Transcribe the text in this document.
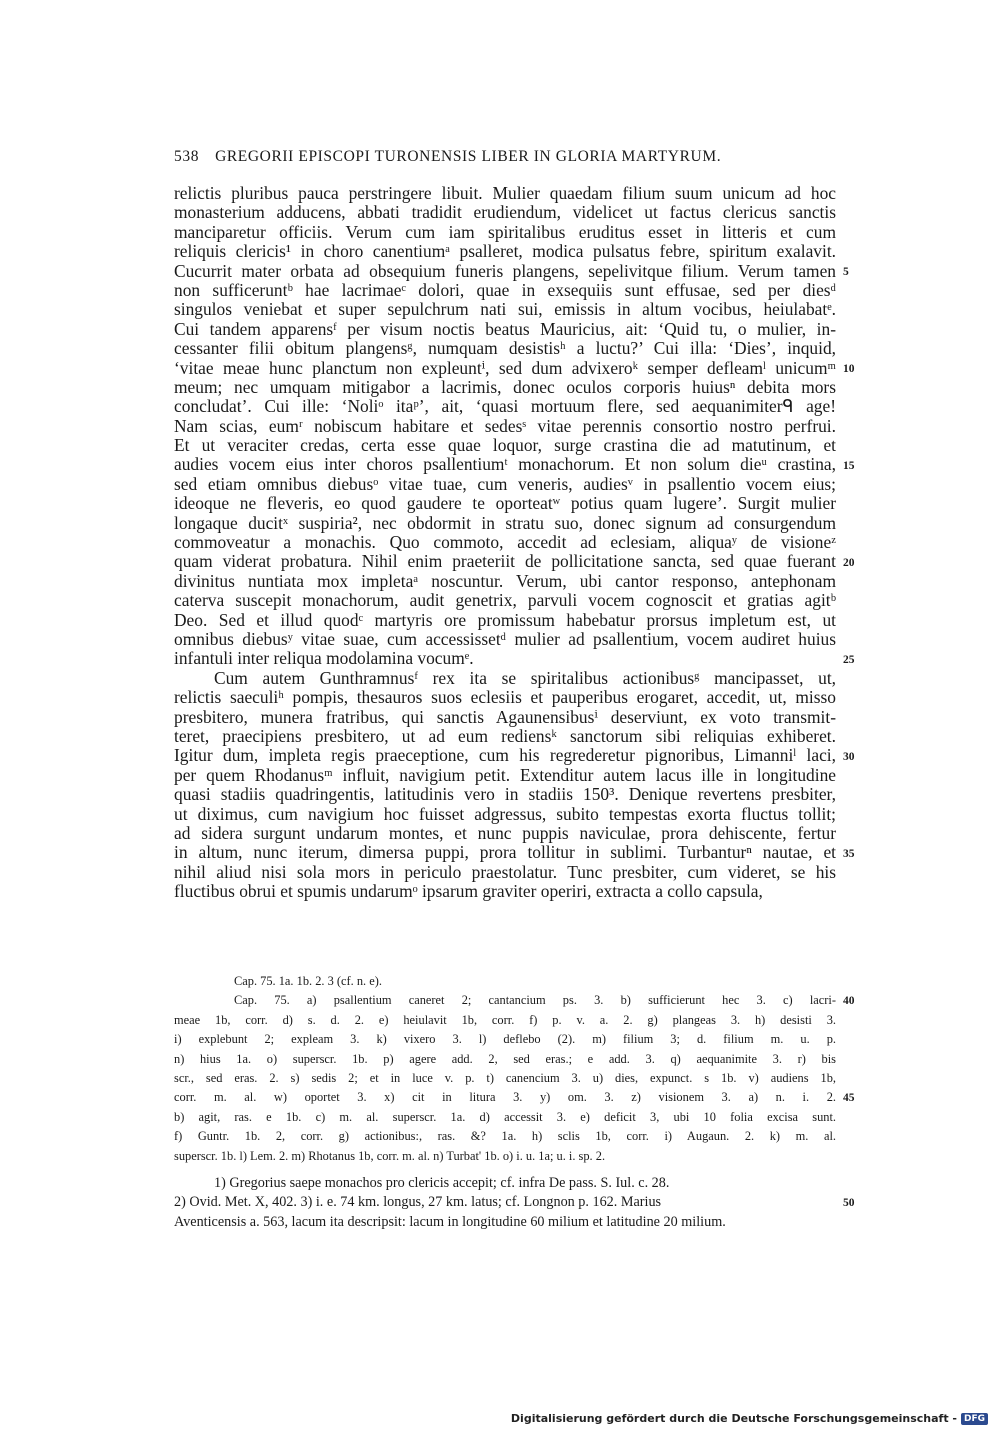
538 GREGORII EPISCOPI TURONENSIS LIBER IN GLORIA MARTYRUM.
relictis pluribus pauca perstringere libuit. Mulier quaedam filium suum unicum ad hoc
monasterium adducens, abbati tradidit erudiendum, videlicet ut factus clericus sanctis
manciparetur officiis. Verum cum iam spiritalibus eruditus esset in litteris et cum
reliquis clericis¹ in choro canentiumᵃ psalleret, modica pulsatus febre, spiritum exalavit.
Cucurrit mater orbata ad obsequium funeris plangens, sepelivitque filium. Verum tamen
non sufficeruntᵇ hae lacrimaeᶜ dolori, quae in exsequiis sunt effusae, sed per diesᵈ
singulos veniebat et super sepulchrum nati sui, emissis in altum vocibus, heiulabatᵉ.
Cui tandem apparensᶠ per visum noctis beatus Mauricius, ait: ‘Quid tu, o mulier, in-
cessanter filii obitum plangensᵍ, numquam desistisʰ a luctu?’ Cui illa: ‘Dies’, inquid,
‘vitae meae hunc planctum non expleuntⁱ, sed dum advixeroᵏ semper defleamˡ unicumᵐ
meum; nec umquam mitigabor a lacrimis, donec oculos corporis huiusⁿ debita mors
concludat’. Cui ille: ‘Noliᵒ itaᵖ’, ait, ‘quasi mortuum flere, sed aequanimiterᑫ age!
Nam scias, eumʳ nobiscum habitare et sedesˢ vitae perennis consortio nostro perfrui.
Et ut veraciter credas, certa esse quae loquor, surge crastina die ad matutinum, et
audies vocem eius inter choros psallentiumᵗ monachorum. Et non solum dieᵘ crastina,
sed etiam omnibus diebusᵒ vitae tuae, cum veneris, audiesᵛ in psallentio vocem eius;
ideoque ne fleveris, eo quod gaudere te oporteatʷ potius quam lugere’. Surgit mulier
longaque ducitˣ suspiria², nec obdormit in stratu suo, donec signum ad consurgendum
commoveatur a monachis. Quo commoto, accedit ad eclesiam, aliquaʸ de visioneᶻ
quam viderat probatura. Nihil enim praeteriit de pollicitatione sancta, sed quae fuerant
divinitus nuntiata mox impletaᵃ noscuntur. Verum, ubi cantor responso, antephonam
caterva suscepit monachorum, audit genetrix, parvuli vocem cognoscit et gratias agitᵇ
Deo. Sed et illud quodᶜ martyris ore promissum habebatur prorsus impletum est, ut
omnibus diebusʸ vitae suae, cum accessissetᵈ mulier ad psallentium, vocem audiret huius
infantuli inter reliqua modolamina vocumᵉ.
Cum autem Gunthramnusᶠ rex ita se spiritalibus actionibusᵍ mancipasset, ut,
relictis saeculiʰ pompis, thesauros suos eclesiis et pauperibus erogaret, accedit, ut, misso
presbitero, munera fratribus, qui sanctis Agaunensibusⁱ deserviunt, ex voto transmit-
teret, praecipiens presbitero, ut ad eum rediensᵏ sanctorum sibi reliquias exhiberet.
Igitur dum, impleta regis praeceptione, cum his regrederetur pignoribus, Limanniˡ laci,
per quem Rhodanusᵐ influit, navigium petit. Extenditur autem lacus ille in longitudine
quasi stadiis quadringentis, latitudinis vero in stadiis 150³. Denique revertens presbiter,
ut diximus, cum navigium hoc fuisset adgressus, subito tempestas exorta fluctus tollit;
ad sidera surgunt undarum montes, et nunc puppis naviculae, prora dehiscente, fertur
in altum, nunc iterum, dimersa puppi, prora tollitur in sublimi. Turbanturⁿ nautae, et
nihil aliud nisi sola mors in periculo praestolatur. Tunc presbiter, cum videret, se his
fluctibus obrui et spumis undarumᵒ ipsarum graviter operiri, extracta a collo capsula,
5
10
15
20
25
30
35
Cap. 75. 1a. 1b. 2. 3 (cf. n. e).
Cap. 75. a) psallentium caneret 2; cantancium ps. 3. b) sufficierunt hec 3. c) lacri-
meae 1b, corr. d) s. d. 2. e) heiulavit 1b, corr. f) p. v. a. 2. g) plangeas 3. h) desisti 3.
i) explebunt 2; expleam 3. k) vixero 3. l) deflebo (2). m) filium 3; d. filium m. u. p.
n) hius 1a. o) superscr. 1b. p) agere add. 2, sed eras.; e add. 3. q) aequanimite 3. r) bis
scr., sed eras. 2. s) sedis 2; et in luce v. p. t) canencium 3. u) dies, expunct. s 1b. v) audiens 1b,
corr. m. al. w) oportet 3. x) cit in litura 3. y) om. 3. z) visionem 3. a) n. i. 2.
b) agit, ras. e 1b. c) m. al. superscr. 1a. d) accessit 3. e) deficit 3, ubi 10 folia excisa sunt.
f) Guntr. 1b. 2, corr. g) actionibus:, ras. &? 1a. h) sclis 1b, corr. i) Augaun. 2. k) m. al.
superscr. 1b. l) Lem. 2. m) Rhotanus 1b, corr. m. al. n) Turbat' 1b. o) i. u. 1a; u. i. sp. 2.
40
45
1) Gregorius saepe monachos pro clericis accepit; cf. infra De pass. S. Iul. c. 28.
2) Ovid. Met. X, 402. 3) i. e. 74 km. longus, 27 km. latus; cf. Longnon p. 162. Marius
Aventicensis a. 563, lacum ita descripsit: lacum in longitudine 60 milium et latitudine 20 milium.
50
Digitalisierung gefördert durch die Deutsche Forschungsgemeinschaft - DFG
